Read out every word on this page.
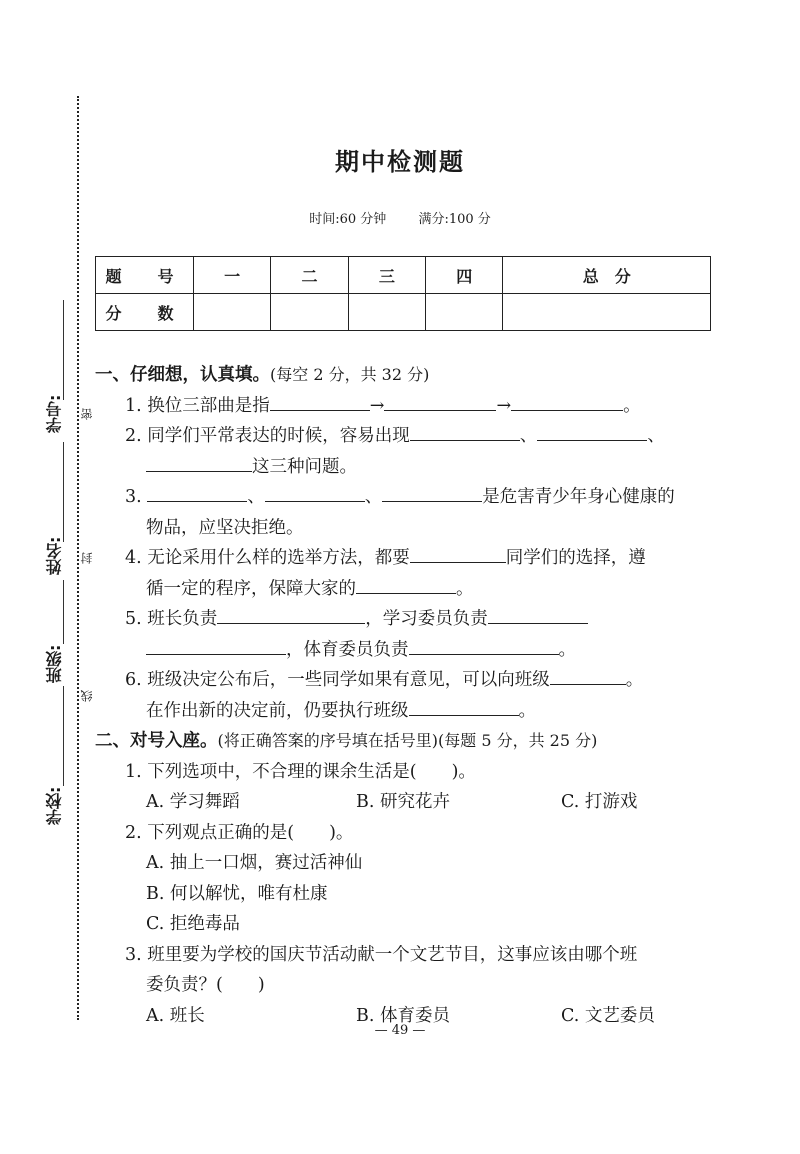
学号:
姓名:
班级:
学校:
密
封
线
期中检测题
时间:60 分钟 满分:100 分
题　号	一	二	三	四	总　分
分　数					
一、仔细想，认真填。(每空 2 分，共 32 分)
1. 换位三部曲是指	→	→	。
2. 同学们平常表达的时候，容易出现	、	、
这三种问题。
3.	、	、	是危害青少年身心健康的
物品，应坚决拒绝。
4. 无论采用什么样的选举方法，都要	同学们的选择，遵
循一定的程序，保障大家的	。
5. 班长负责	，学习委员负责
，体育委员负责	。
6. 班级决定公布后，一些同学如果有意见，可以向班级	。
在作出新的决定前，仍要执行班级	。
二、对号入座。(将正确答案的序号填在括号里)(每题 5 分，共 25 分)
1. 下列选项中，不合理的课余生活是(　　)。
A. 学习舞蹈	B. 研究花卉	C. 打游戏
2. 下列观点正确的是(　　)。
A. 抽上一口烟，赛过活神仙
B. 何以解忧，唯有杜康
C. 拒绝毒品
3. 班里要为学校的国庆节活动献一个文艺节目，这事应该由哪个班
委负责？(　　)
A. 班长	B. 体育委员	C. 文艺委员
— 49 —
